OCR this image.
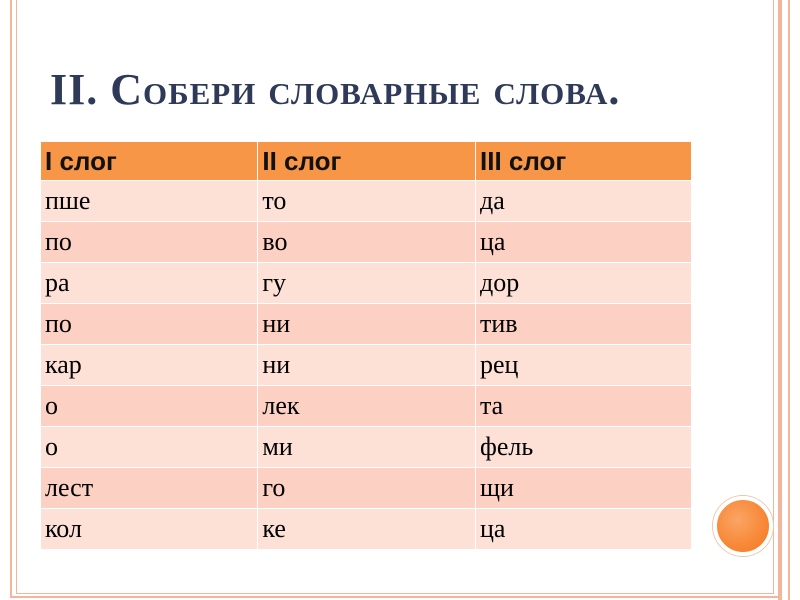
II. Собери словарные слова.
I слог	II слог	III слог
пше	то	да
по	во	ца
ра	гу	дор
по	ни	тив
кар	ни	рец
о	лек	та
о	ми	фель
лест	го	щи
кол	ке	ца
